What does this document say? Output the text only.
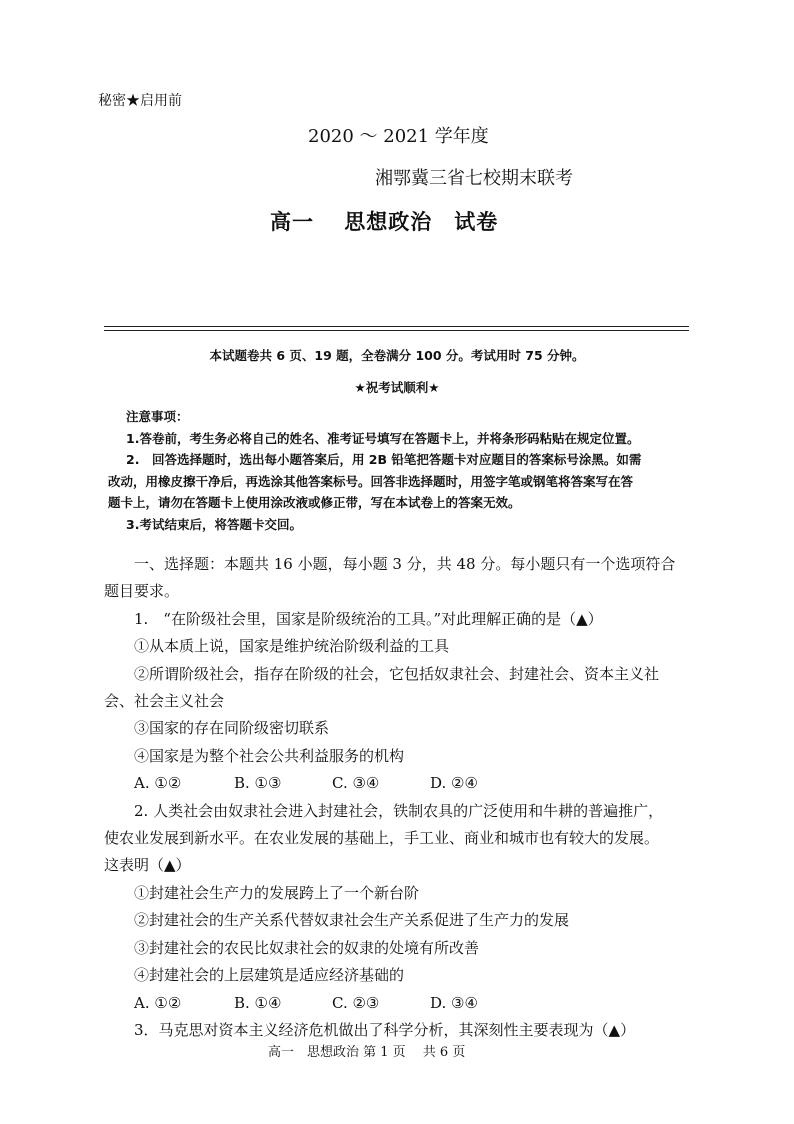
秘密★启用前
2020 ～ 2021 学年度
湘鄂冀三省七校期末联考
高一　 思想政治　试卷
本试题卷共 6 页、19 题，全卷满分 100 分。考试用时 75 分钟。
★祝考试顺利★
注意事项：
1.答卷前，考生务必将自己的姓名、准考证号填写在答题卡上，并将条形码粘贴在规定位置。
2.　回答选择题时，选出每小题答案后，用 2B 铅笔把答题卡对应题目的答案标号涂黑。如需
改动，用橡皮擦干净后，再选涂其他答案标号。回答非选择题时，用签字笔或钢笔将答案写在答
题卡上，请勿在答题卡上使用涂改液或修正带，写在本试卷上的答案无效。
3.考试结束后，将答题卡交回。
一、选择题：本题共 16 小题，每小题 3 分，共 48 分。每小题只有一个选项符合
题目要求。
1.　“在阶级社会里，国家是阶级统治的工具。”对此理解正确的是（▲）
①从本质上说，国家是维护统治阶级利益的工具
②所谓阶级社会，指存在阶级的社会，它包括奴隶社会、封建社会、资本主义社
会、社会主义社会
③国家的存在同阶级密切联系
④国家是为整个社会公共利益服务的机构
A. ①②	B. ①③	C. ③④	D. ②④
2. 人类社会由奴隶社会进入封建社会，铁制农具的广泛使用和牛耕的普遍推广，
使农业发展到新水平。在农业发展的基础上，手工业、商业和城市也有较大的发展。
这表明（▲）
①封建社会生产力的发展跨上了一个新台阶
②封建社会的生产关系代替奴隶社会生产关系促进了生产力的发展
③封建社会的农民比奴隶社会的奴隶的处境有所改善
④封建社会的上层建筑是适应经济基础的
A. ①②	B. ①④	C. ②③	D. ③④
3．马克思对资本主义经济危机做出了科学分析，其深刻性主要表现为（▲）
高一　思想政治 第 1 页　 共 6 页
